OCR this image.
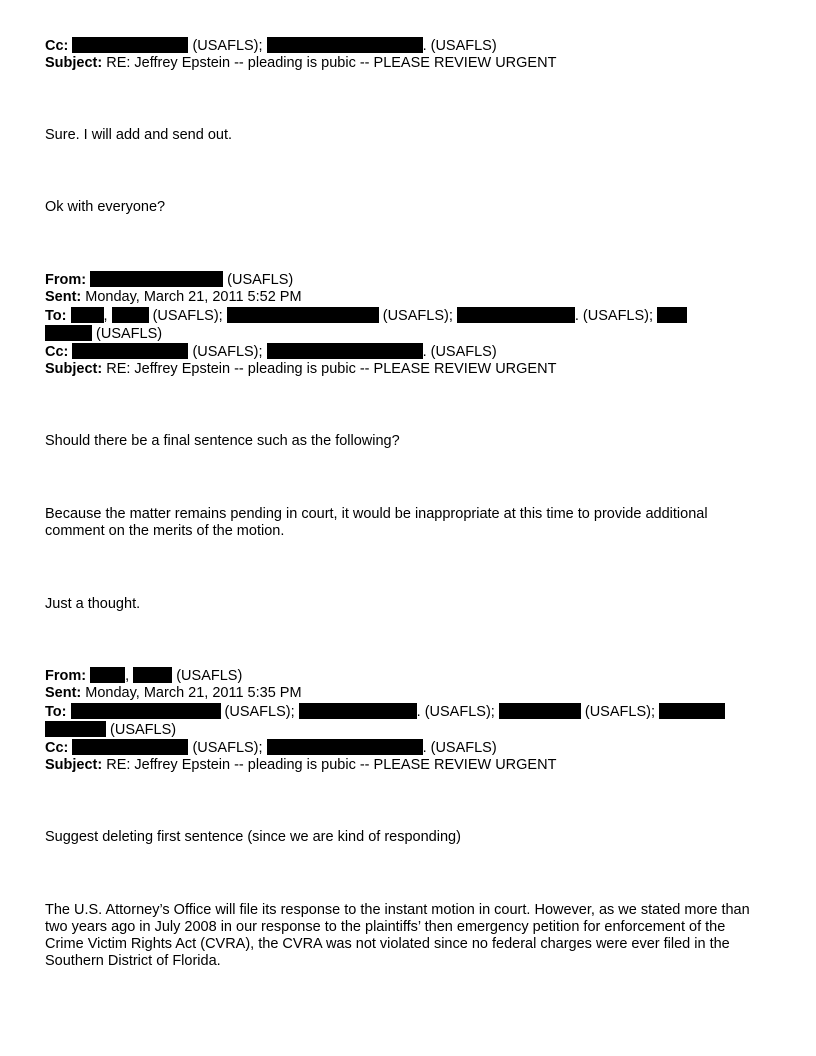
Cc:	(USAFLS);	. (USAFLS)
Subject: RE: Jeffrey Epstein -- pleading is pubic -- PLEASE REVIEW URGENT
Sure. I will add and send out.
Ok with everyone?
From:	(USAFLS)
Sent: Monday, March 21, 2011 5:52 PM
To:	,	(USAFLS);	(USAFLS);	. (USAFLS);
(USAFLS)
Cc:	(USAFLS);	. (USAFLS)
Subject: RE: Jeffrey Epstein -- pleading is pubic -- PLEASE REVIEW URGENT
Should there be a final sentence such as the following?
Because the matter remains pending in court, it would be inappropriate at this time to provide additional comment on the merits of the motion.
Just a thought.
From:	,	(USAFLS)
Sent: Monday, March 21, 2011 5:35 PM
To:	(USAFLS);	. (USAFLS);	(USAFLS);
(USAFLS)
Cc:	(USAFLS);	. (USAFLS)
Subject: RE: Jeffrey Epstein -- pleading is pubic -- PLEASE REVIEW URGENT
Suggest deleting first sentence (since we are kind of responding)
The U.S. Attorney’s Office will file its response to the instant motion in court. However, as we stated more than two years ago in July 2008 in our response to the plaintiffs’ then emergency petition for enforcement of the Crime Victim Rights Act (CVRA), the CVRA was not violated since no federal charges were ever filed in the Southern District of Florida.
